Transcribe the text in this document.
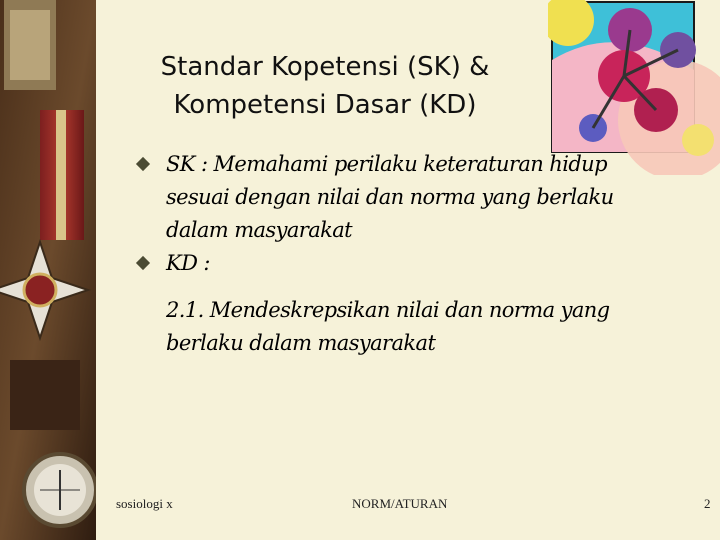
Standar Kopetensi (SK) &
Kompetensi Dasar (KD)
SK : Memahami perilaku keteraturan hidup
sesuai dengan nilai dan norma yang berlaku
dalam masyarakat
KD :
2.1. Mendeskrepsikan nilai dan norma yang
berlaku dalam masyarakat
sosiologi x	NORM/ATURAN	2
